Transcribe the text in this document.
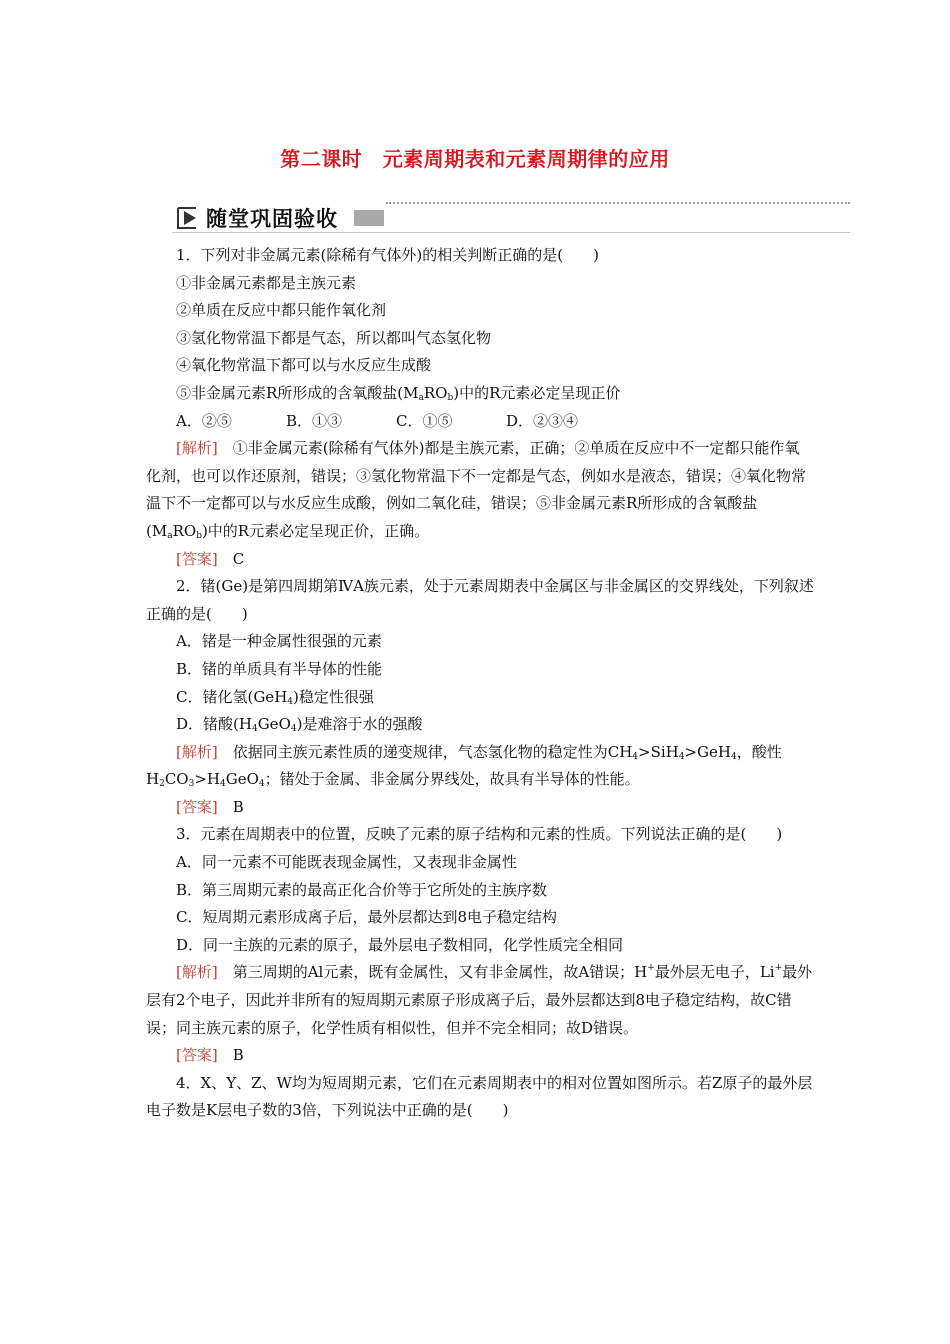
第二课时　元素周期表和元素周期律的应用
随堂巩固验收

1．下列对非金属元素(除稀有气体外)的相关判断正确的是(　　)

①非金属元素都是主族元素

②单质在反应中都只能作氧化剂

③氢化物常温下都是气态，所以都叫气态氢化物

④氧化物常温下都可以与水反应生成酸

⑤非金属元素R所形成的含氧酸盐$(M_aRO_b)$中的R元素必定呈现正价

A．②⑤	B．①③	C．①⑤	D．②③④

[解析]　①非金属元素(除稀有气体外)都是主族元素，正确；②单质在反应中不一定都只能作氧化剂，也可以作还原剂，错误；③氢化物常温下不一定都是气态，例如水是液态，错误；④氧化物常温下不一定都可以与水反应生成酸，例如二氧化硅，错误；⑤非金属元素R所形成的含氧酸盐$(M_aRO_b)$中的R元素必定呈现正价，正确。

[答案]　C

2．锗(Ge)是第四周期第ⅣA族元素，处于元素周期表中金属区与非金属区的交界线处，下列叙述正确的是(　　)

A．锗是一种金属性很强的元素

B．锗的单质具有半导体的性能

C．锗化氢(GeH$_4$)稳定性很强

D．锗酸$(H_4GeO_4)$是难溶于水的强酸

[解析]　依据同主族元素性质的递变规律，气态氢化物的稳定性为$CH_4>SiH_4>GeH_4$，酸性$H_2CO_3>H_4GeO_4$；锗处于金属、非金属分界线处，故具有半导体的性能。

[答案]　B

3．元素在周期表中的位置，反映了元素的原子结构和元素的性质。下列说法正确的是(　　)

A．同一元素不可能既表现金属性，又表现非金属性

B．第三周期元素的最高正化合价等于它所处的主族序数

C．短周期元素形成离子后，最外层都达到8电子稳定结构

D．同一主族的元素的原子，最外层电子数相同，化学性质完全相同

[解析]　第三周期的Al元素，既有金属性，又有非金属性，故A错误；H+最外层无电子，Li+最外层有2个电子，因此并非所有的短周期元素原子形成离子后，最外层都达到8电子稳定结构，故C错误；同主族元素的原子，化学性质有相似性，但并不完全相同；故D错误。

[答案]　B

4．X、Y、Z、W均为短周期元素，它们在元素周期表中的相对位置如图所示。若Z原子的最外层电子数是K层电子数的3倍，下列说法中正确的是(　　)
